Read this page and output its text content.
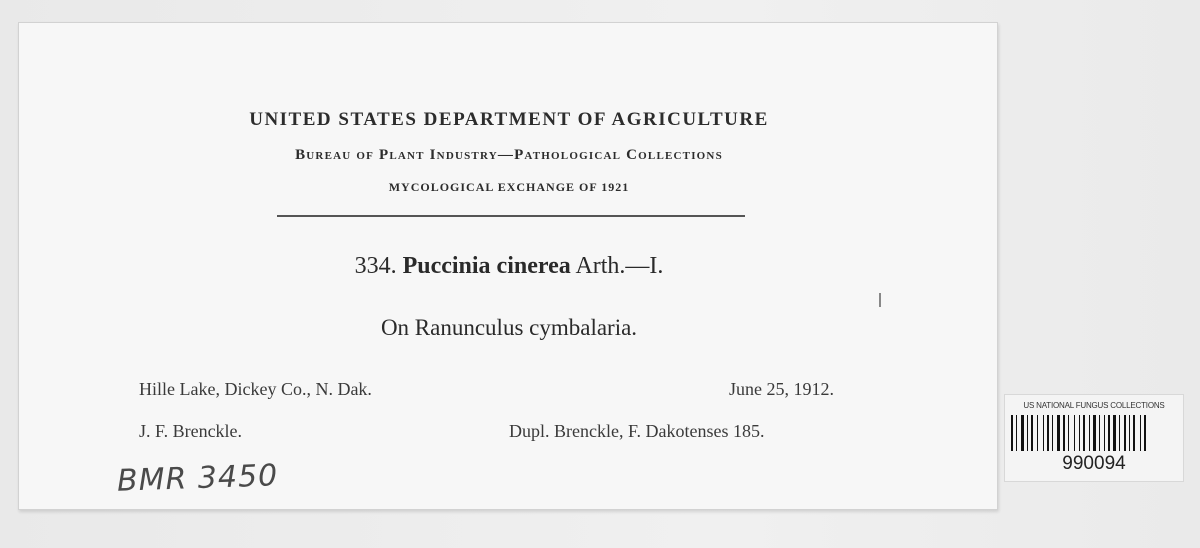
UNITED STATES DEPARTMENT OF AGRICULTURE
Bureau of Plant Industry—Pathological Collections
MYCOLOGICAL EXCHANGE OF 1921
334. Puccinia cinerea Arth.—I.
On Ranunculus cymbalaria.
Hille Lake, Dickey Co., N. Dak.	June 25, 1912.
J. F. Brenckle.	Dupl. Brenckle, F. Dakotenses 185.
BMR 3450
US NATIONAL FUNGUS COLLECTIONS
990094
